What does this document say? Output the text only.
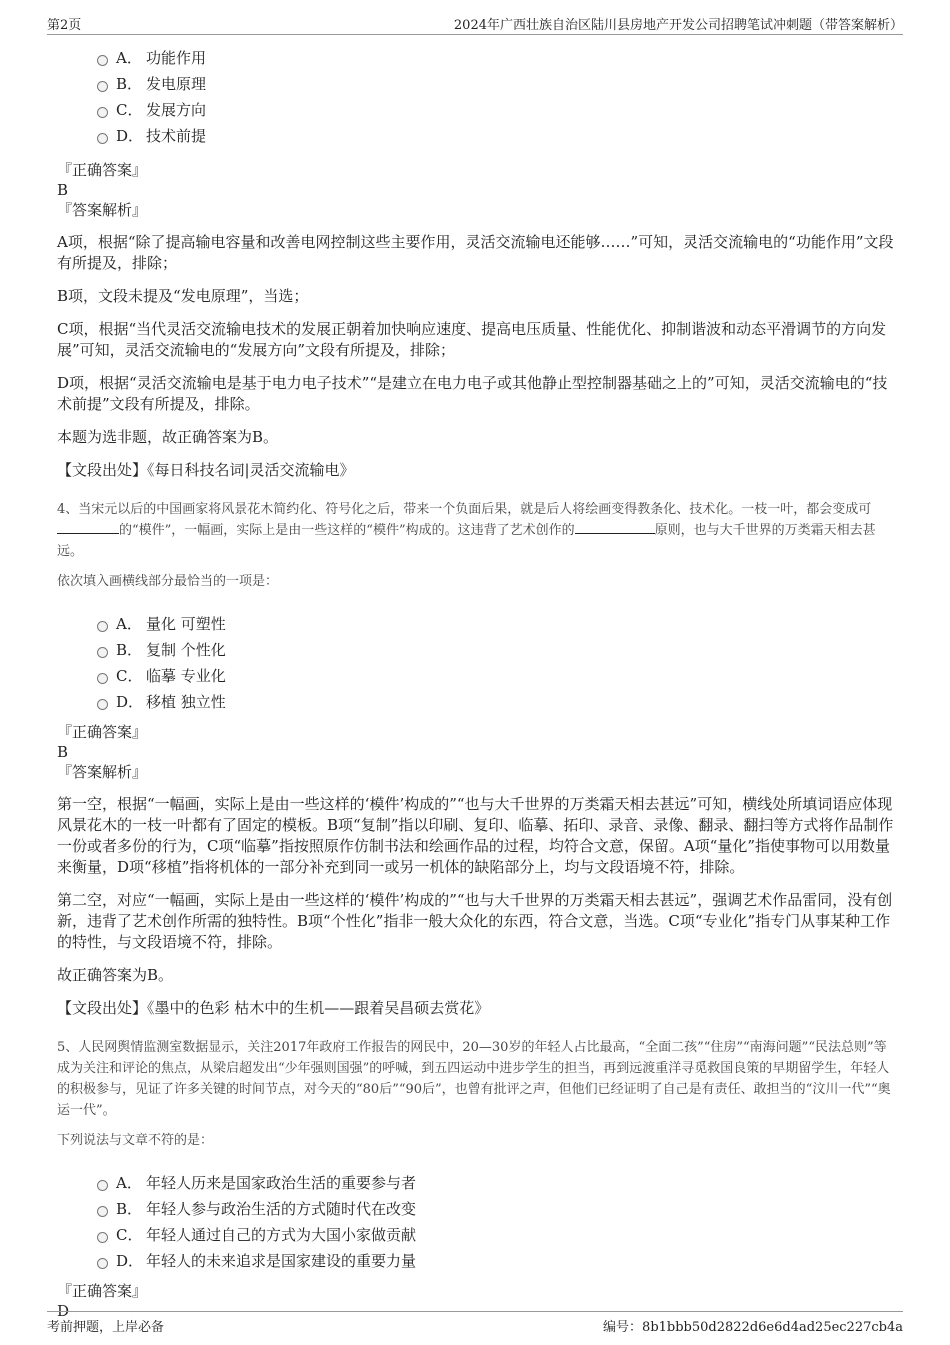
第2页	2024年广西壮族自治区陆川县房地产开发公司招聘笔试冲刺题（带答案解析）
A． 功能作用
B． 发电原理
C． 发展方向
D． 技术前提
『正确答案』
B
『答案解析』

A项，根据“除了提高输电容量和改善电网控制这些主要作用，灵活交流输电还能够……”可知，灵活交流输电的“功能作用”文段有所提及，排除；

B项，文段未提及“发电原理”，当选；

C项，根据“当代灵活交流输电技术的发展正朝着加快响应速度、提高电压质量、性能优化、抑制谐波和动态平滑调节的方向发展”可知，灵活交流输电的“发展方向”文段有所提及，排除；

D项，根据“灵活交流输电是基于电力电子技术”“是建立在电力电子或其他静止型控制器基础之上的”可知，灵活交流输电的“技术前提”文段有所提及，排除。

本题为选非题，故正确答案为B。

【文段出处】《每日科技名词|灵活交流输电》

4、当宋元以后的中国画家将风景花木简约化、符号化之后，带来一个负面后果，就是后人将绘画变得教条化、技术化。一枝一叶，都会变成可的“模件”，一幅画，实际上是由一些这样的“模件”构成的。这违背了艺术创作的	原则，也与大千世界的万类霜天相去甚远。

依次填入画横线部分最恰当的一项是：

A． 量化 可塑性
B． 复制 个性化
C． 临摹 专业化
D． 移植 独立性
『正确答案』
B
『答案解析』

第一空，根据“一幅画，实际上是由一些这样的‘模件’构成的”“也与大千世界的万类霜天相去甚远”可知，横线处所填词语应体现风景花木的一枝一叶都有了固定的模板。B项“复制”指以印刷、复印、临摹、拓印、录音、录像、翻录、翻扫等方式将作品制作一份或者多份的行为，C项“临摹”指按照原作仿制书法和绘画作品的过程，均符合文意，保留。A项“量化”指使事物可以用数量来衡量，D项“移植”指将机体的一部分补充到同一或另一机体的缺陷部分上，均与文段语境不符，排除。

第二空，对应“一幅画，实际上是由一些这样的‘模件’构成的”“也与大千世界的万类霜天相去甚远”，强调艺术作品雷同，没有创新，违背了艺术创作所需的独特性。B项“个性化”指非一般大众化的东西，符合文意，当选。C项“专业化”指专门从事某种工作的特性，与文段语境不符，排除。

故正确答案为B。

【文段出处】《墨中的色彩 枯木中的生机——跟着吴昌硕去赏花》

5、人民网舆情监测室数据显示，关注2017年政府工作报告的网民中，20—30岁的年轻人占比最高，“全面二孩”“住房”“南海问题”“民法总则”等成为关注和评论的焦点，从梁启超发出“少年强则国强”的呼喊，到五四运动中进步学生的担当，再到远渡重洋寻觅救国良策的早期留学生，年轻人的积极参与，见证了许多关键的时间节点，对今天的“80后”“90后”，也曾有批评之声，但他们已经证明了自己是有责任、敢担当的“汶川一代”“奥运一代”。

下列说法与文章不符的是：

A． 年轻人历来是国家政治生活的重要参与者
B． 年轻人参与政治生活的方式随时代在改变
C． 年轻人通过自己的方式为大国小家做贡献
D． 年轻人的未来追求是国家建设的重要力量
『正确答案』
D
考前押题，上岸必备	编号：8b1bbb50d2822d6e6d4ad25ec227cb4a
